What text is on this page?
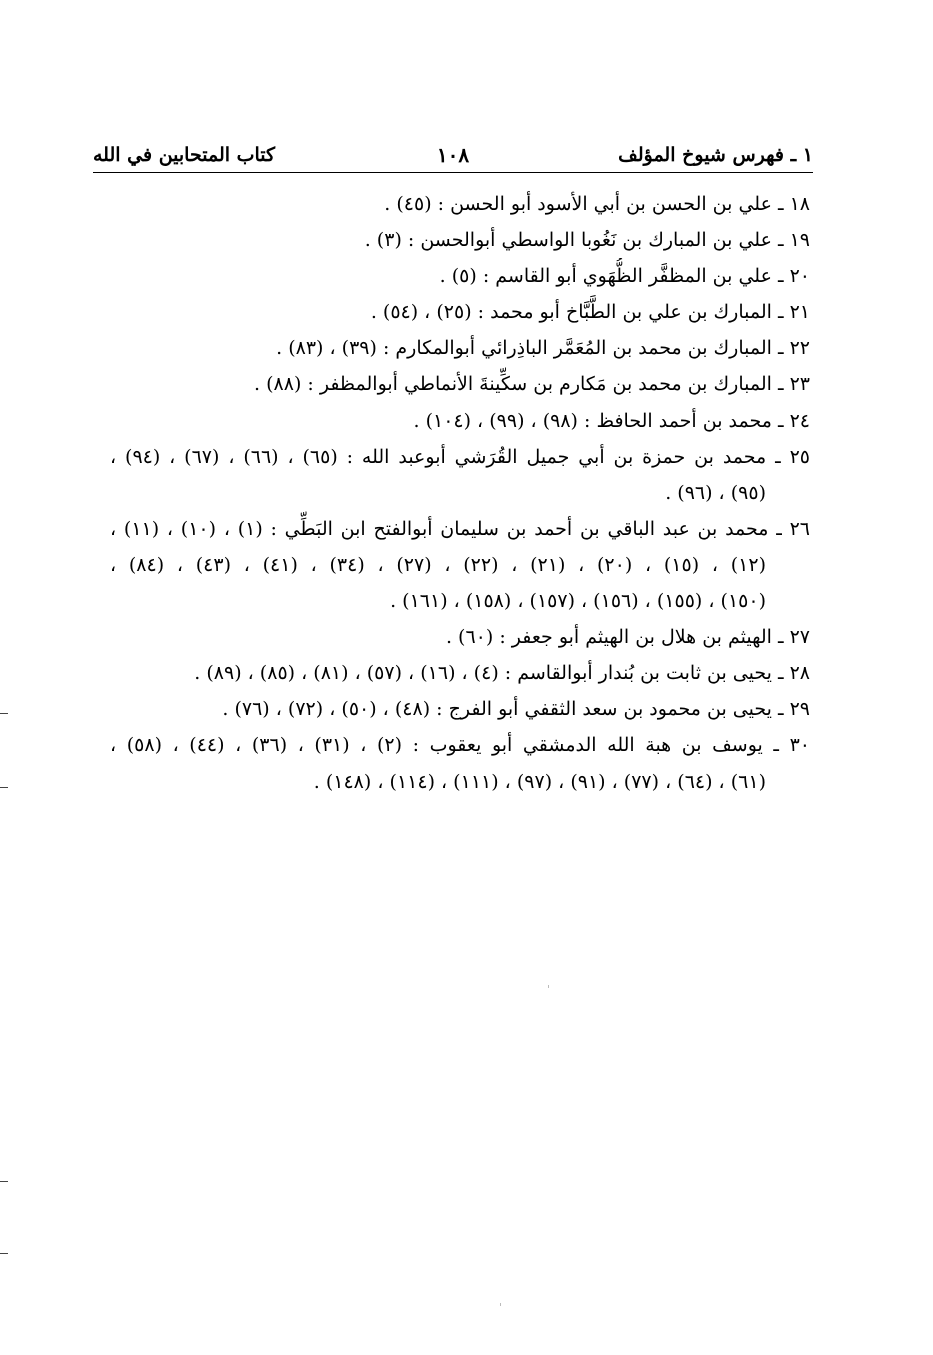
١ ـ فهرس شيوخ المؤلف
١٠٨
كتاب المتحابين في الله
١٨ ـ علي بن الحسن بن أبي الأسود أبو الحسن : (٤٥) .
١٩ ـ علي بن المبارك بن نَغُوبا الواسطي أبوالحسن : (٣) .
٢٠ ـ علي بن المظفَّر الظُّهَوي أبو القاسم : (٥) .
٢١ ـ المبارك بن علي بن الطَّبَّاخ أبو محمد : (٢٥) ، (٥٤) .
٢٢ ـ المبارك بن محمد بن المُعَمَّر الباذِرائي أبوالمكارم : (٣٩) ، (٨٣) .
٢٣ ـ المبارك بن محمد بن مَكارم بن سكِّينةَ الأنماطي أبوالمظفر : (٨٨) .
٢٤ ـ محمد بن أحمد الحافظ : (٩٨) ، (٩٩) ، (١٠٤) .
٢٥ ـ محمد بن حمزة بن أبي جميل القُرَشي أبوعبد الله : (٦٥) ، (٦٦) ، (٦٧) ، (٩٤) ،
(٩٥) ، (٩٦) .
٢٦ ـ محمد بن عبد الباقي بن أحمد بن سليمان أبوالفتح ابن البَطِّي : (١) ، (١٠) ، (١١) ،
(١٢) ، (١٥) ، (٢٠) ، (٢١) ، (٢٢) ، (٢٧) ، (٣٤) ، (٤١) ، (٤٣) ، (٨٤) ،
(١٥٠) ، (١٥٥) ، (١٥٦) ، (١٥٧) ، (١٥٨) ، (١٦١) .
٢٧ ـ الهيثم بن هلال بن الهيثم أبو جعفر : (٦٠) .
٢٨ ـ يحيى بن ثابت بن بُندار أبوالقاسم : (٤) ، (١٦) ، (٥٧) ، (٨١) ، (٨٥) ، (٨٩) .
٢٩ ـ يحيى بن محمود بن سعد الثقفي أبو الفرج : (٤٨) ، (٥٠) ، (٧٢) ، (٧٦) .
٣٠ ـ يوسف بن هبة الله الدمشقي أبو يعقوب : (٢) ، (٣١) ، (٣٦) ، (٤٤) ، (٥٨) ،
(٦١) ، (٦٤) ، (٧٧) ، (٩١) ، (٩٧) ، (١١١) ، (١١٤) ، (١٤٨) .
